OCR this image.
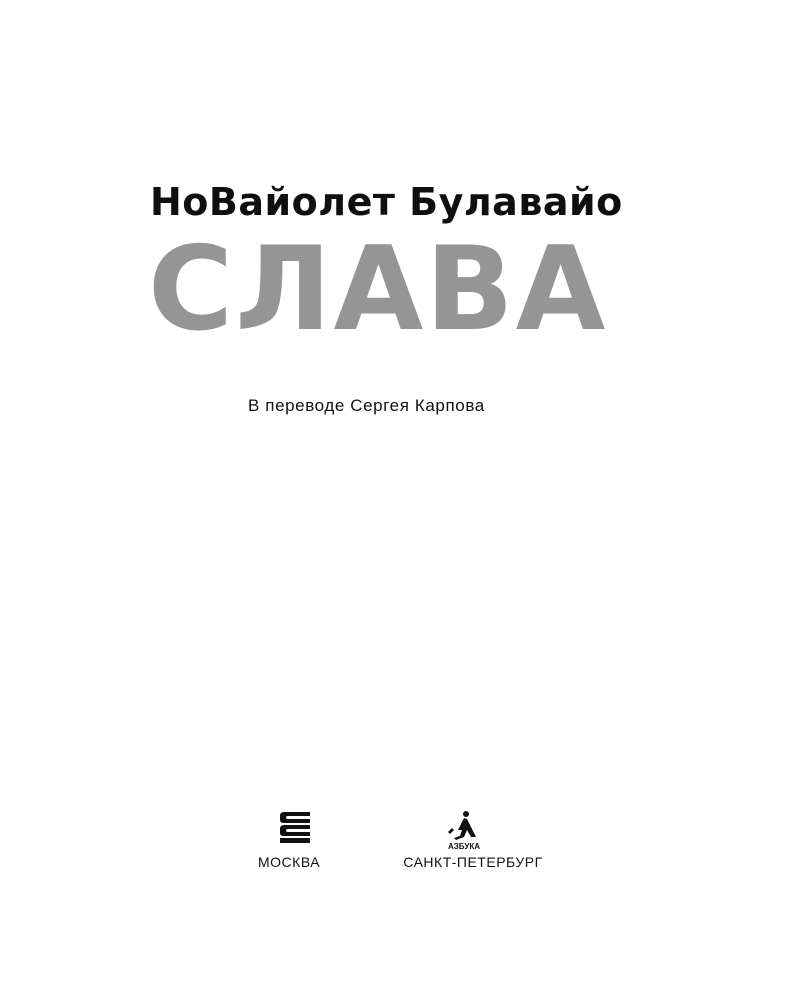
НоВайолет Булавайо
СЛАВА
В переводе Сергея Карпова
МОСКВА
АЗБУКА
САНКТ-ПЕТЕРБУРГ
